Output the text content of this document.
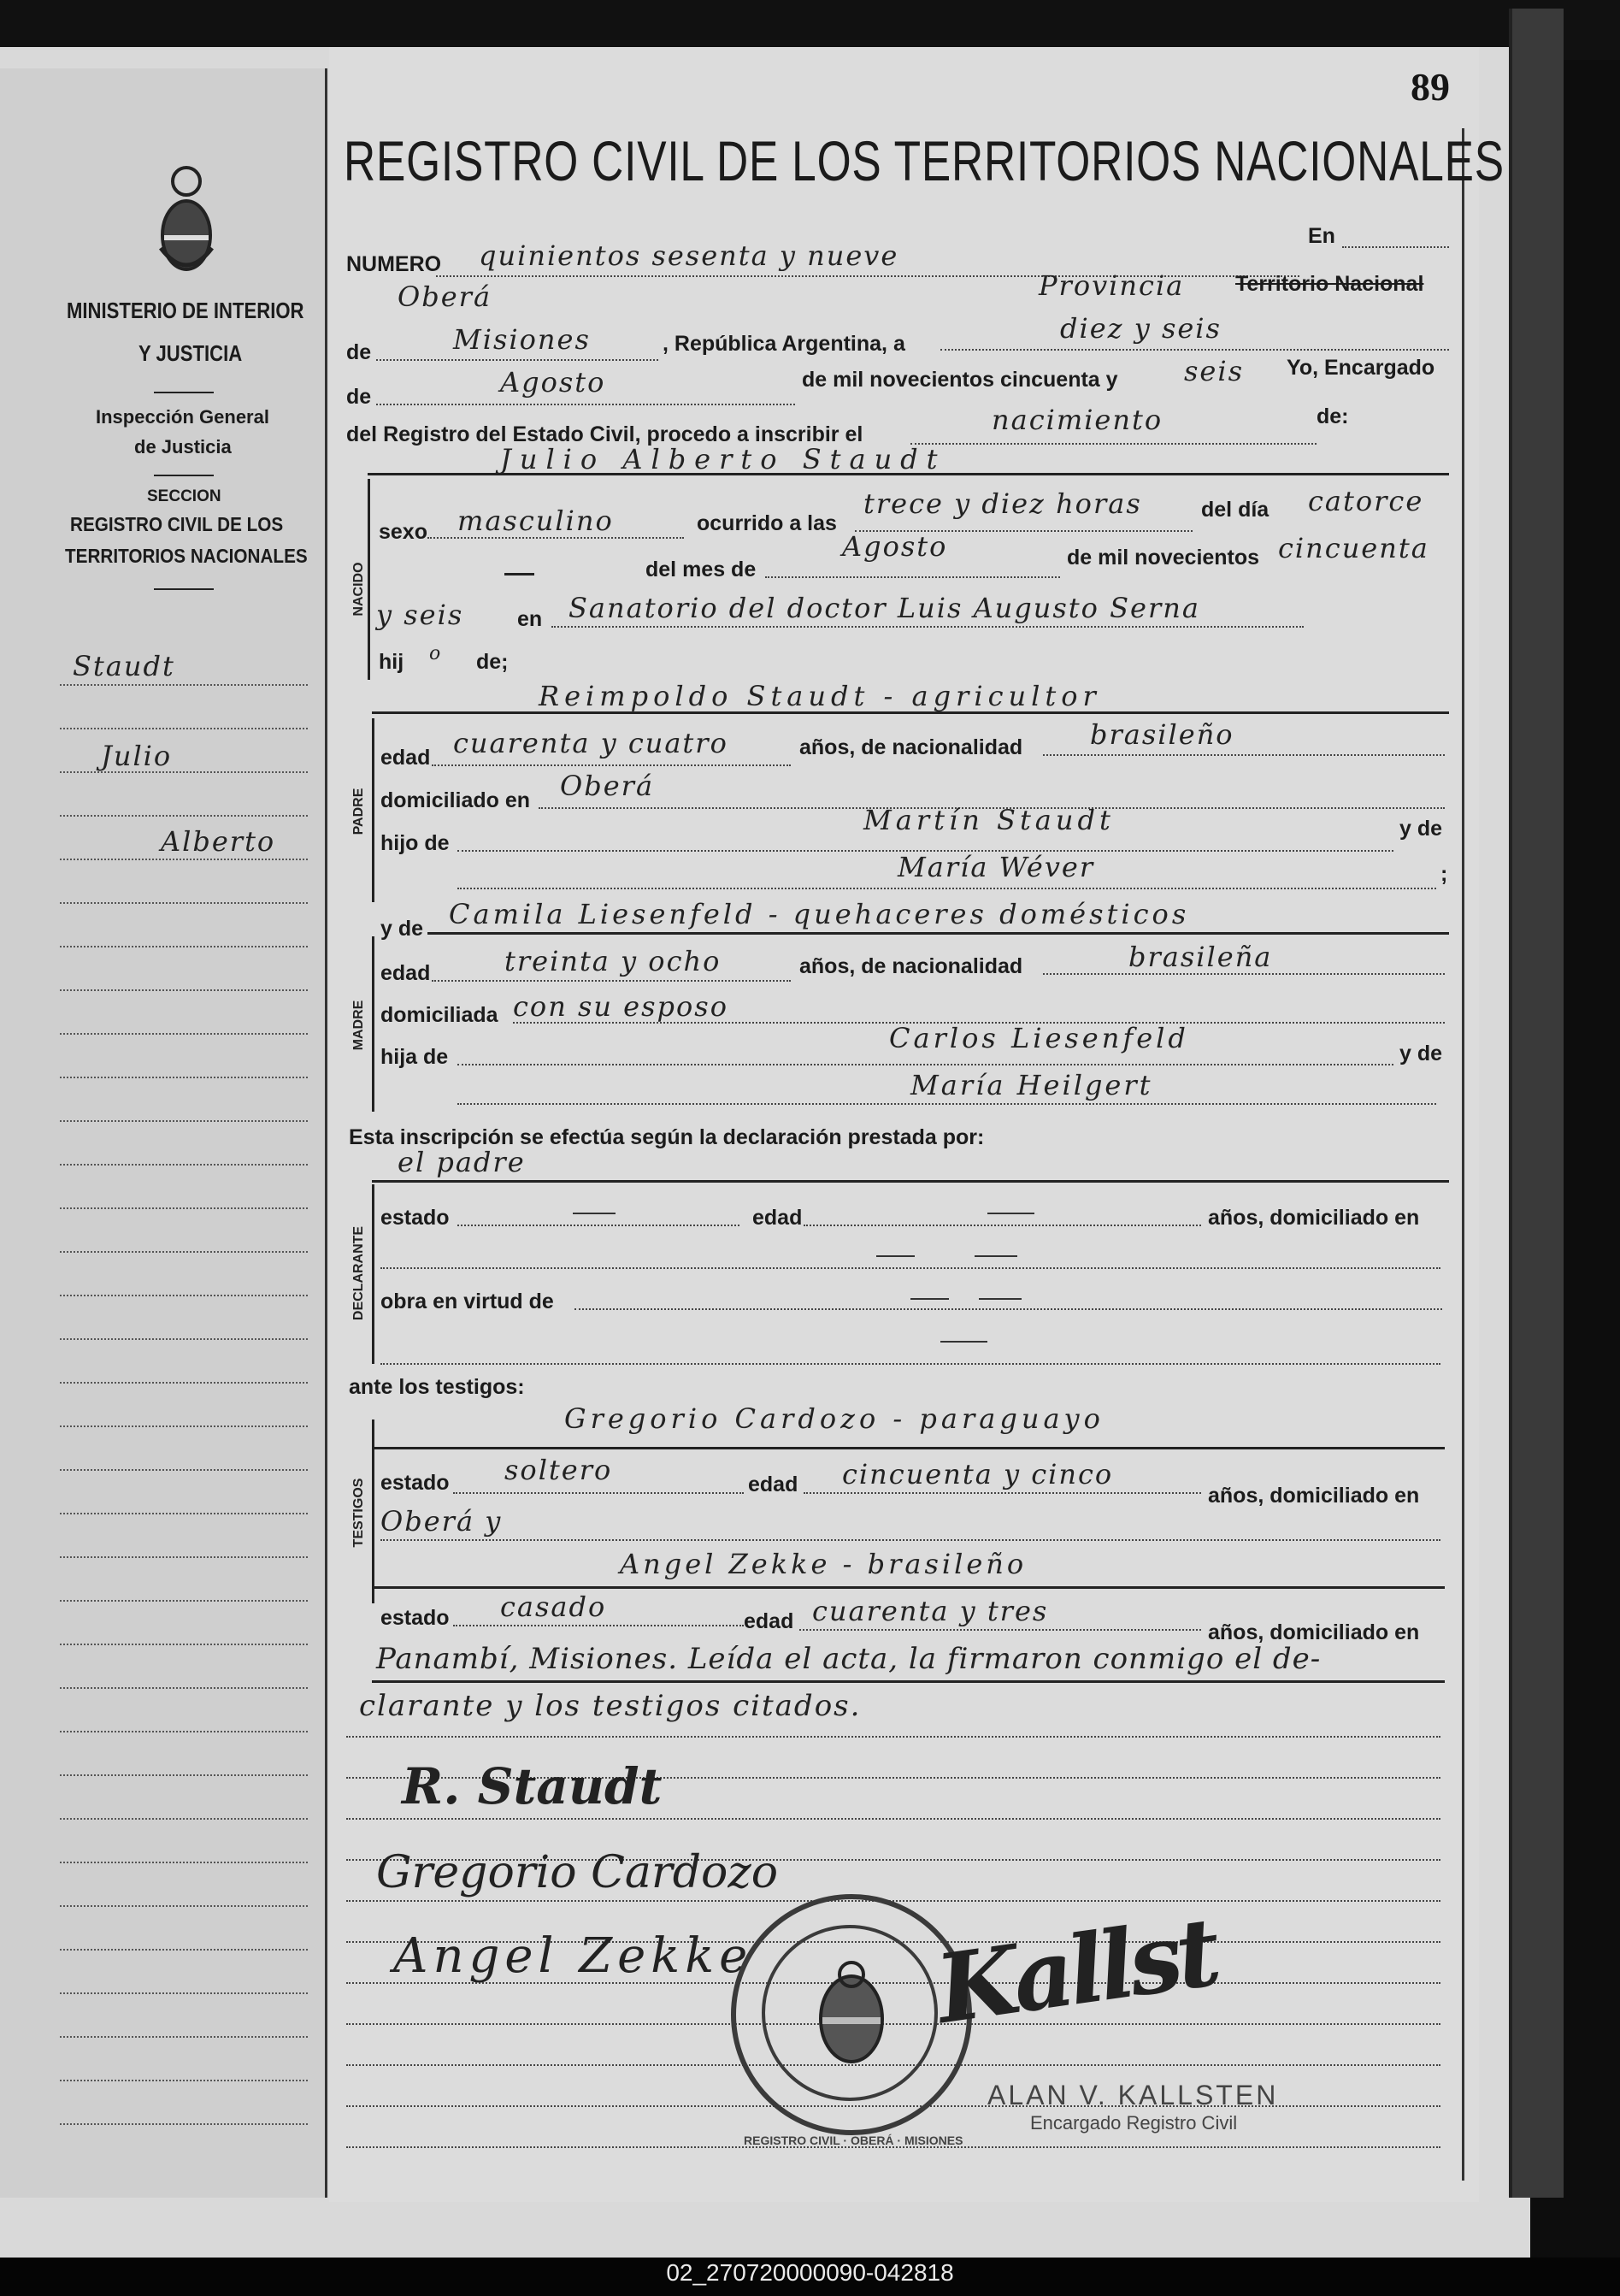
89
MINISTERIO DE INTERIOR
Y JUSTICIA
Inspección General
de Justicia
SECCION
REGISTRO CIVIL DE LOS
TERRITORIOS NACIONALES
Staudt
Julio
Alberto
REGISTRO CIVIL DE LOS TERRITORIOS NACIONALES
NUMERO quinientos sesenta y nueve
En
Oberá	Provincia Territorio Nacional
de	Misiones	, República Argentina, a	diez y seis
de	Agosto	de mil novecientos cincuenta y seis Yo, Encargado
del Registro del Estado Civil, procedo a inscribir el	nacimiento	de:
Julio Alberto Staudt
NACIDO
sexo masculino	ocurrido a las
trece y diez horas	del día catorce
del mes de
Agosto	de mil novecientos cincuenta
y seis	en Sanatorio del doctor Luis Augusto Serna
hij o de;
Reimpoldo Staudt - agricultor
PADRE
edad cuarenta y cuatro	años, de nacionalidad brasileño
domiciliado en Oberá
hijo de
Martín Staudt	y de
María Wéver	;
y de Camila Liesenfeld - quehaceres domésticos
MADRE
edad	treinta y ocho	años, de nacionalidad	brasileña
domiciliada con su esposo
hija de
Carlos Liesenfeld	y de
María Heilgert
Esta inscripción se efectúa según la declaración prestada por:
el padre
DECLARANTE
estado	edad	años, domiciliado en
obra en virtud de
ante los testigos:
Gregorio Cardozo - paraguayo
TESTIGOS estado soltero	edad cincuenta y cinco
años, domiciliado en
Oberá y
Angel Zekke - brasileño
estado casado	edad cuarenta y tres
años, domiciliado en
Panambí, Misiones. Leída el acta, la firmaron conmigo el de-
clarante y los testigos citados.
R. Staudt
Gregorio Cardozo
Angel Zekke
REGISTRO CIVIL · OBERÁ · MISIONES
Kallst
ALAN V. KALLSTEN
Encargado Registro Civil
02_270720000090-042818
